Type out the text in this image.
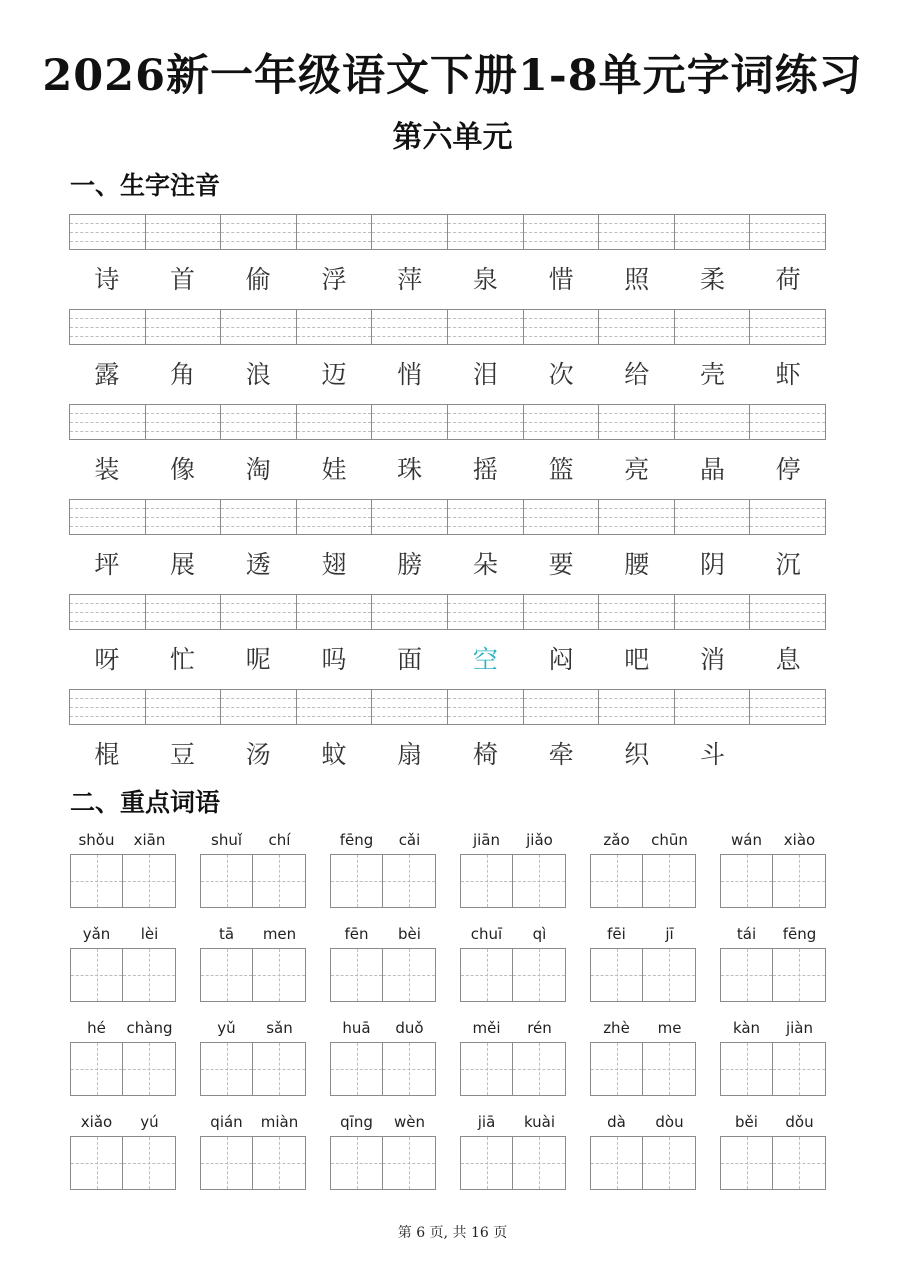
2026新一年级语文下册1-8单元字词练习
第六单元
一、生字注音
诗	首	偷	浮	萍	泉	惜	照	柔	荷
露	角	浪	迈	悄	泪	次	给	壳	虾
装	像	淘	娃	珠	摇	篮	亮	晶	停
坪	展	透	翅	膀	朵	要	腰	阴	沉
呀	忙	呢	吗	面	空	闷	吧	消	息
棍	豆	汤	蚊	扇	椅	牵	织	斗
二、重点词语
shǒu	xiān	shuǐ	chí	fēng	cǎi	jiān	jiǎo	zǎo	chūn	wán	xiào
yǎn	lèi	tā	men	fēn	bèi	chuī	qì	fēi	jī	tái	fēng
hé	chàng	yǔ	sǎn	huā	duǒ	měi	rén	zhè	me	kàn	jiàn
xiǎo	yú	qián	miàn	qīng	wèn	jiā	kuài	dà	dòu	běi	dǒu
第 6 页, 共 16 页
